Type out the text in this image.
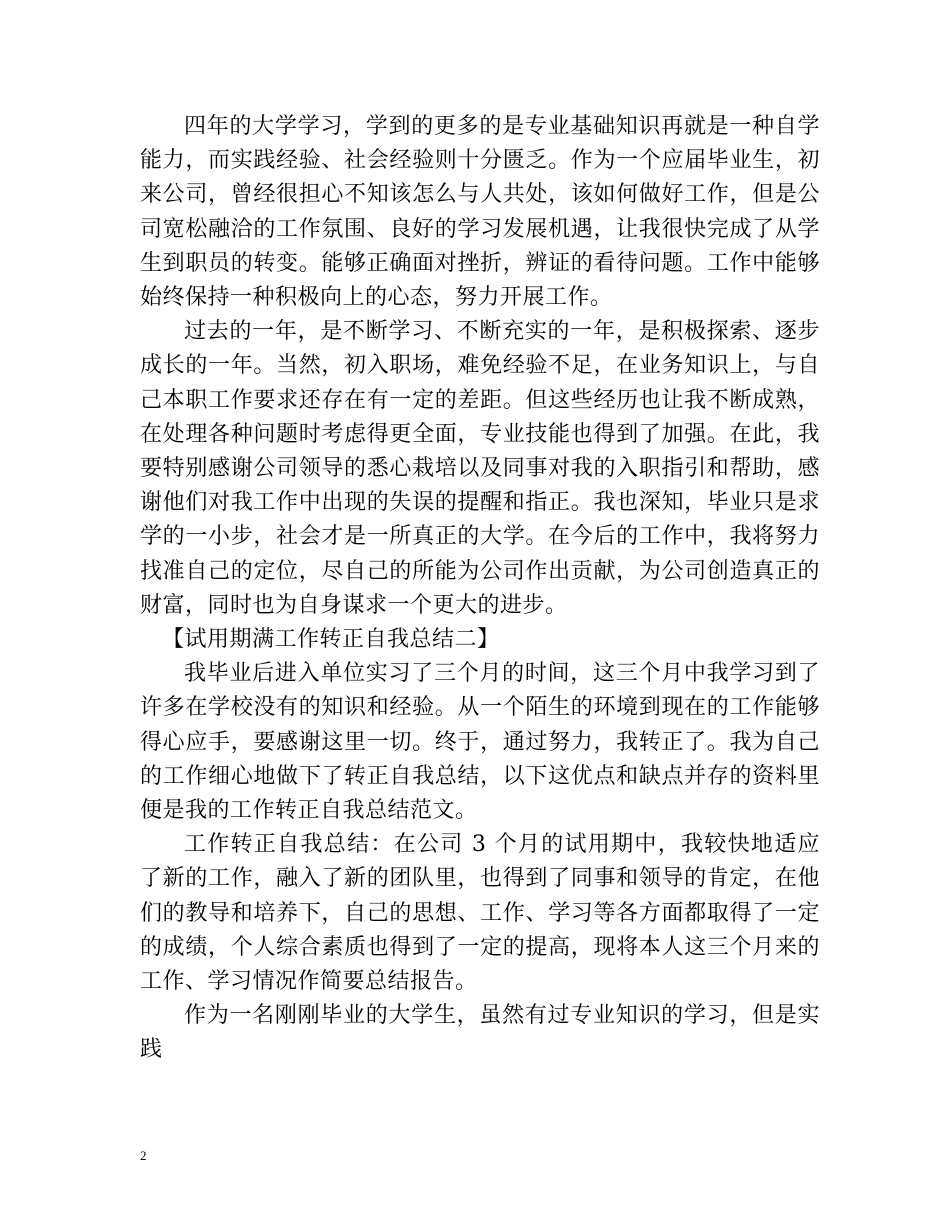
四年的大学学习，学到的更多的是专业基础知识再就是一种自学能力，而实践经验、社会经验则十分匮乏。作为一个应届毕业生，初来公司，曾经很担心不知该怎么与人共处，该如何做好工作，但是公司宽松融洽的工作氛围、良好的学习发展机遇，让我很快完成了从学生到职员的转变。能够正确面对挫折，辨证的看待问题。工作中能够始终保持一种积极向上的心态，努力开展工作。

过去的一年，是不断学习、不断充实的一年，是积极探索、逐步成长的一年。当然，初入职场，难免经验不足，在业务知识上，与自己本职工作要求还存在有一定的差距。但这些经历也让我不断成熟，在处理各种问题时考虑得更全面，专业技能也得到了加强。在此，我要特别感谢公司领导的悉心栽培以及同事对我的入职指引和帮助，感谢他们对我工作中出现的失误的提醒和指正。我也深知，毕业只是求学的一小步，社会才是一所真正的大学。在今后的工作中，我将努力找准自己的定位，尽自己的所能为公司作出贡献，为公司创造真正的财富，同时也为自身谋求一个更大的进步。

【试用期满工作转正自我总结二】

我毕业后进入单位实习了三个月的时间，这三个月中我学习到了许多在学校没有的知识和经验。从一个陌生的环境到现在的工作能够得心应手，要感谢这里一切。终于，通过努力，我转正了。我为自己的工作细心地做下了转正自我总结，以下这优点和缺点并存的资料里便是我的工作转正自我总结范文。

工作转正自我总结：在公司 3 个月的试用期中，我较快地适应了新的工作，融入了新的团队里，也得到了同事和领导的肯定，在他们的教导和培养下，自己的思想、工作、学习等各方面都取得了一定的成绩，个人综合素质也得到了一定的提高，现将本人这三个月来的工作、学习情况作简要总结报告。

作为一名刚刚毕业的大学生，虽然有过专业知识的学习，但是实践

2
